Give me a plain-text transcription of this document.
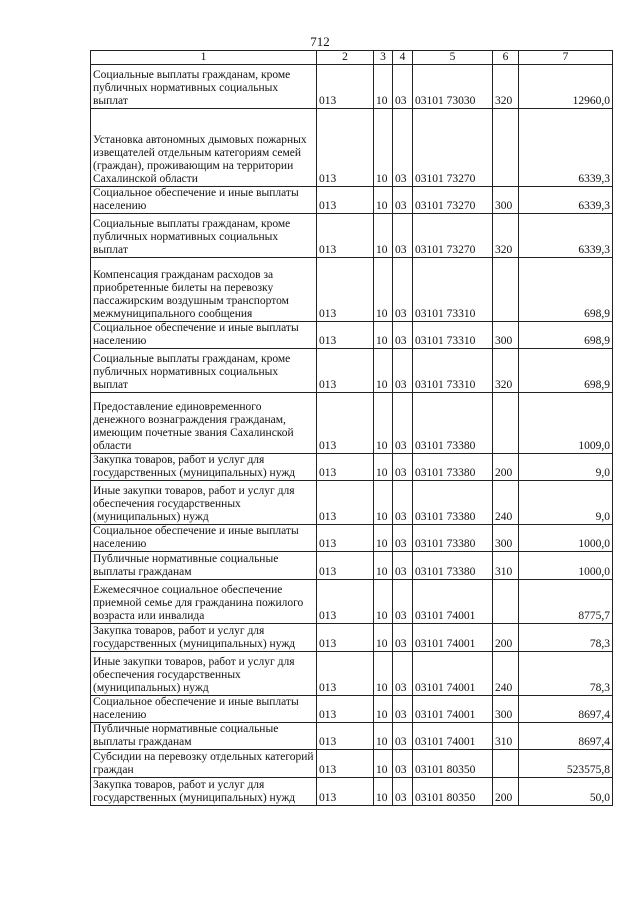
712
1	2	3	4	5	6	7
Социальные выплаты гражданам, кроме публичных нормативных социальных выплат	013	10	03	03101 73030	320	12960,0
Установка автономных дымовых пожарных извещателей отдельным категориям семей (граждан), проживающим на территории Сахалинской области	013	10	03	03101 73270		6339,3
Социальное обеспечение и иные выплаты населению	013	10	03	03101 73270	300	6339,3
Социальные выплаты гражданам, кроме публичных нормативных социальных выплат	013	10	03	03101 73270	320	6339,3
Компенсация гражданам расходов за приобретенные билеты на перевозку пассажирским воздушным транспортом межмуниципального сообщения	013	10	03	03101 73310		698,9
Социальное обеспечение и иные выплаты населению	013	10	03	03101 73310	300	698,9
Социальные выплаты гражданам, кроме публичных нормативных социальных выплат	013	10	03	03101 73310	320	698,9
Предоставление единовременного денежного вознаграждения гражданам, имеющим почетные звания Сахалинской области	013	10	03	03101 73380		1009,0
Закупка товаров, работ и услуг для государственных (муниципальных) нужд	013	10	03	03101 73380	200	9,0
Иные закупки товаров, работ и услуг для обеспечения государственных (муниципальных) нужд	013	10	03	03101 73380	240	9,0
Социальное обеспечение и иные выплаты населению	013	10	03	03101 73380	300	1000,0
Публичные нормативные социальные выплаты гражданам	013	10	03	03101 73380	310	1000,0
Ежемесячное социальное обеспечение приемной семье для гражданина пожилого возраста или инвалида	013	10	03	03101 74001		8775,7
Закупка товаров, работ и услуг для государственных (муниципальных) нужд	013	10	03	03101 74001	200	78,3
Иные закупки товаров, работ и услуг для обеспечения государственных (муниципальных) нужд	013	10	03	03101 74001	240	78,3
Социальное обеспечение и иные выплаты населению	013	10	03	03101 74001	300	8697,4
Публичные нормативные социальные выплаты гражданам	013	10	03	03101 74001	310	8697,4
Субсидии на перевозку отдельных категорий граждан	013	10	03	03101 80350		523575,8
Закупка товаров, работ и услуг для государственных (муниципальных) нужд	013	10	03	03101 80350	200	50,0
